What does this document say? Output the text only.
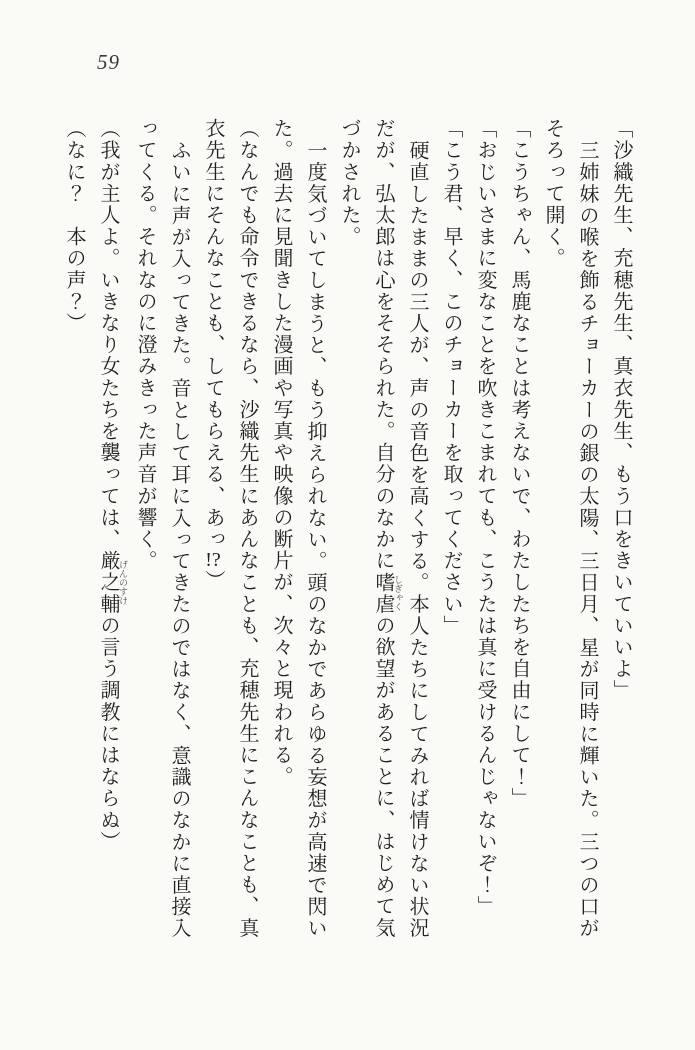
59

「沙織先生、充穂先生、真衣先生、もう口をきいていいよ」

三姉妹の喉を飾るチョーカーの銀の太陽、三日月、星が同時に輝いた。三つの口がそろって開く。

「こうちゃん、馬鹿なことは考えないで、わたしたちを自由にして！」

「おじいさまに変なことを吹きこまれても、こうたは真に受けるんじゃないぞ！」

「こう君、早く、このチョーカーを取ってください」

硬直したままの三人が、声の音色を高くする。本人たちにしてみれば情けない状況だが、弘太郎は心をそそられた。自分のなかに嗜虐 しぎゃくの欲望があることに、はじめて気づかされた。

一度気づいてしまうと、もう抑えられない。頭のなかであらゆる妄想が高速で閃いた。過去に見聞きした漫画や写真や映像の断片が、次々と現われる。

（なんでも命令できるなら、沙織先生にあんなことも、充穂先生にこんなことも、真衣先生にそんなことも、してもらえる、あっ!?）

ふいに声が入ってきた。音として耳に入ってきたのではなく、意識のなかに直接入ってくる。それなのに澄みきった声音が響く。

（我が主人よ。いきなり女たちを襲っては、厳之輔 げんのすけの言う調教にはならぬ）

（なに？　本の声？）
